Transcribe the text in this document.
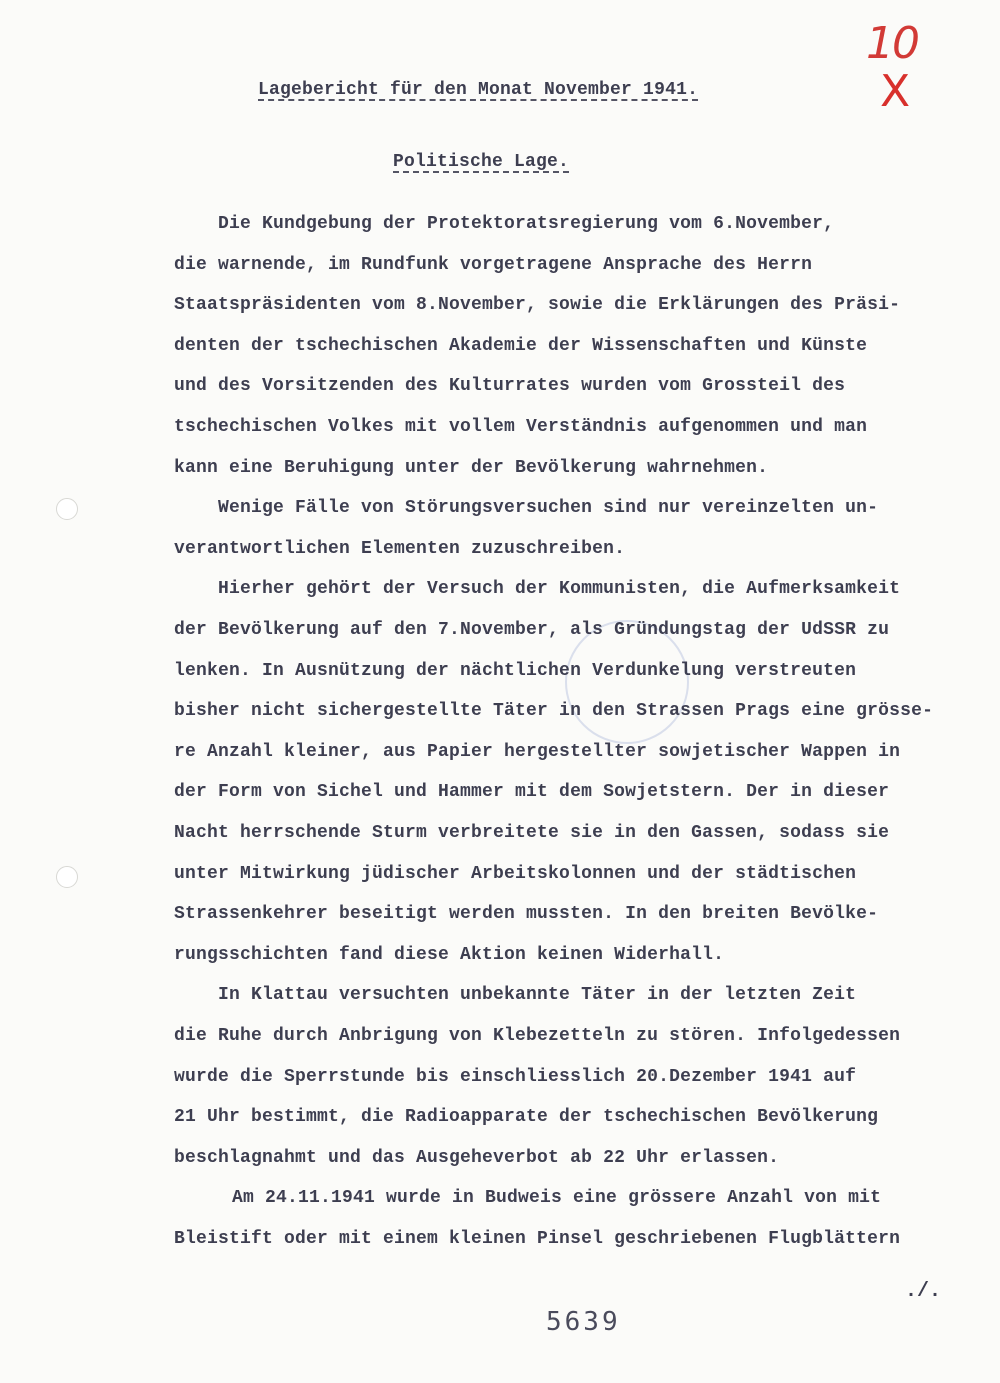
10
X

Lagebericht für den Monat November 1941.

Politische Lage.

Die Kundgebung der Protektoratsregierung vom 6.November,

die warnende, im Rundfunk vorgetragene Ansprache des Herrn

Staatspräsidenten vom 8.November, sowie die Erklärungen des Präsi-

denten der tschechischen Akademie der Wissenschaften und Künste

und des Vorsitzenden des Kulturrates wurden vom Grossteil des

tschechischen Volkes mit vollem Verständnis aufgenommen und man

kann eine Beruhigung unter der Bevölkerung wahrnehmen.

Wenige Fälle von Störungsversuchen sind nur vereinzelten un-

verantwortlichen Elementen zuzuschreiben.

Hierher gehört der Versuch der Kommunisten, die Aufmerksamkeit

der Bevölkerung auf den 7.November, als Gründungstag der UdSSR zu

lenken. In Ausnützung der nächtlichen Verdunkelung verstreuten

bisher nicht sichergestellte Täter in den Strassen Prags eine grösse-

re Anzahl kleiner, aus Papier hergestellter sowjetischer Wappen in

der Form von Sichel und Hammer mit dem Sowjetstern. Der in dieser

Nacht herrschende Sturm verbreitete sie in den Gassen, sodass sie

unter Mitwirkung jüdischer Arbeitskolonnen und der städtischen

Strassenkehrer beseitigt werden mussten. In den breiten Bevölke-

rungsschichten fand diese Aktion keinen Widerhall.

In Klattau versuchten unbekannte Täter in der letzten Zeit

die Ruhe durch Anbrigung von Klebezetteln zu stören. Infolgedessen

wurde die Sperrstunde bis einschliesslich 20.Dezember 1941 auf

21 Uhr bestimmt, die Radioapparate der tschechischen Bevölkerung

beschlagnahmt und das Ausgeheverbot ab 22 Uhr erlassen.

Am 24.11.1941 wurde in Budweis eine grössere Anzahl von mit

Bleistift oder mit einem kleinen Pinsel geschriebenen Flugblättern

./.
5639
